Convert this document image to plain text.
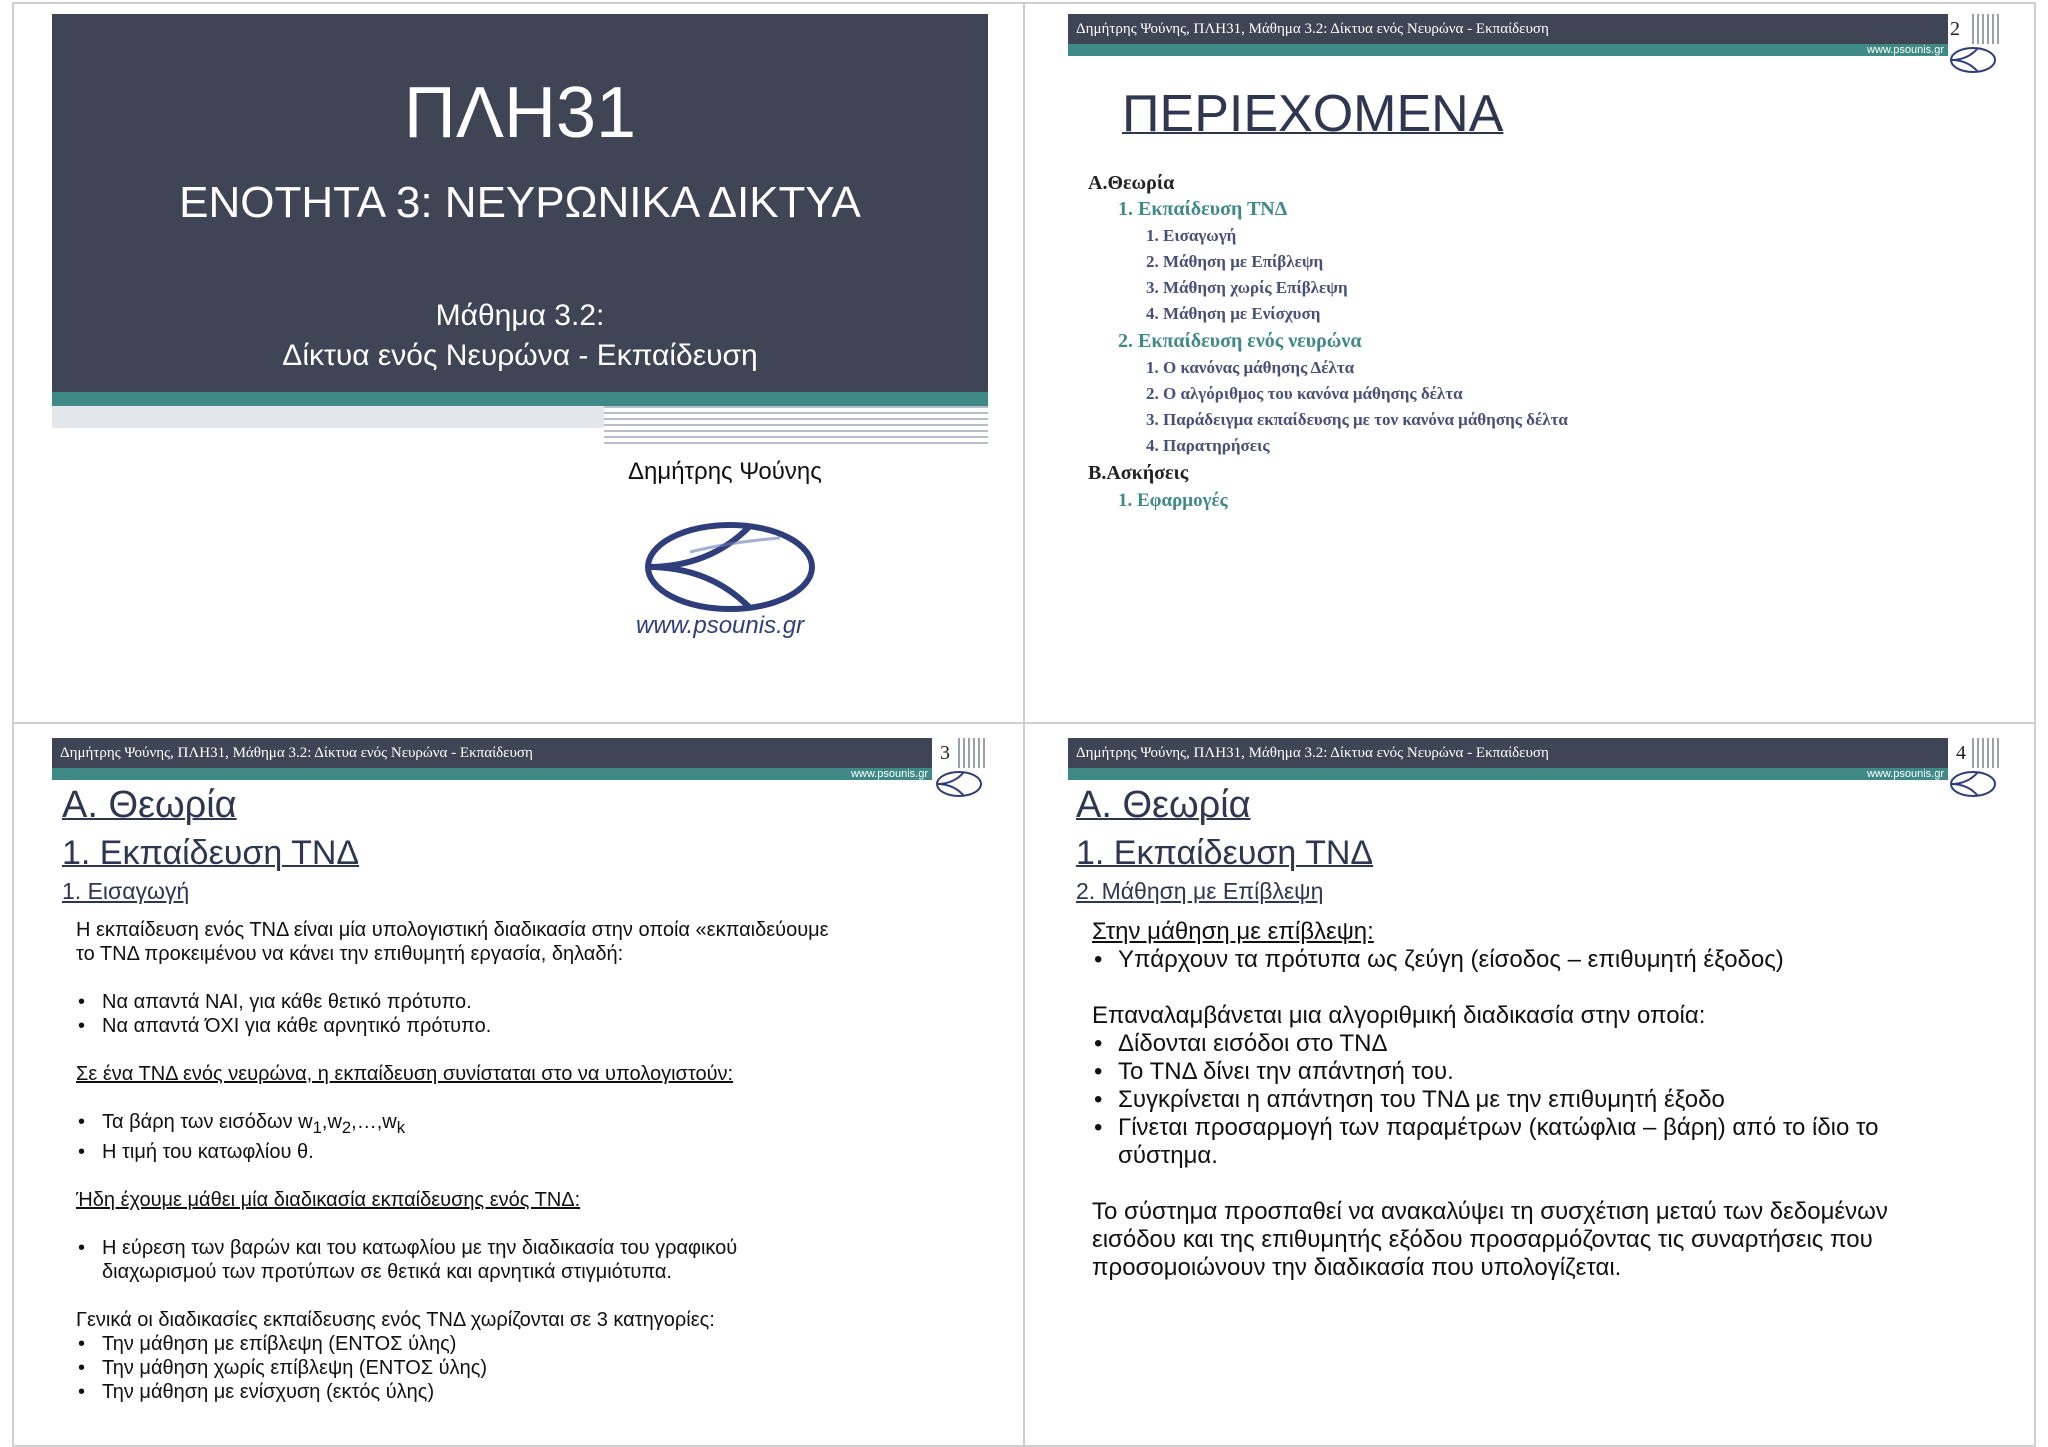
ΠΛΗ31
ΕΝΟΤΗΤΑ 3: ΝΕΥΡΩΝΙΚΑ ΔΙΚΤΥΑ
Μάθημα 3.2:
Δίκτυα ενός Νευρώνα - Εκπαίδευση
Δημήτρης Ψούνης
www.psounis.gr
Δημήτρης Ψούνης, ΠΛΗ31, Μάθημα 3.2: Δίκτυα ενός Νευρώνα - Εκπαίδευση	2
www.psounis.gr
ΠΕΡΙΕΧΟΜΕΝΑ
Α.Θεωρία
1. Εκπαίδευση ΤΝΔ
1. Εισαγωγή
2. Μάθηση με Επίβλεψη
3. Μάθηση χωρίς Επίβλεψη
4. Μάθηση με Ενίσχυση
2. Εκπαίδευση ενός νευρώνα
1. Ο κανόνας μάθησης Δέλτα
2. Ο αλγόριθμος του κανόνα μάθησης δέλτα
3. Παράδειγμα εκπαίδευσης με τον κανόνα μάθησης δέλτα
4. Παρατηρήσεις
Β.Ασκήσεις
1. Εφαρμογές
Δημήτρης Ψούνης, ΠΛΗ31, Μάθημα 3.2: Δίκτυα ενός Νευρώνα - Εκπαίδευση	3
www.psounis.gr
Α. Θεωρία
1. Εκπαίδευση ΤΝΔ
1. Εισαγωγή
Η εκπαίδευση ενός ΤΝΔ είναι μία υπολογιστική διαδικασία στην οποία «εκπαιδεύουμε
το ΤΝΔ προκειμένου να κάνει την επιθυμητή εργασία, δηλαδή:
• Να απαντά ΝΑΙ, για κάθε θετικό πρότυπο.
• Να απαντά ΌΧΙ για κάθε αρνητικό πρότυπο.
Σε ένα ΤΝΔ ενός νευρώνα, η εκπαίδευση συνίσταται στο να υπολογιστούν:
• Τα βάρη των εισόδων $w_1,w_2,\dots,w_k$
• Η τιμή του κατωφλίου θ.
Ήδη έχουμε μάθει μία διαδικασία εκπαίδευσης ενός ΤΝΔ:
• Η εύρεση των βαρών και του κατωφλίου με την διαδικασία του γραφικού
διαχωρισμού των προτύπων σε θετικά και αρνητικά στιγμιότυπα.
Γενικά οι διαδικασίες εκπαίδευσης ενός ΤΝΔ χωρίζονται σε 3 κατηγορίες:
• Την μάθηση με επίβλεψη (ΕΝΤΟΣ ύλης)
• Την μάθηση χωρίς επίβλεψη (ΕΝΤΟΣ ύλης)
• Την μάθηση με ενίσχυση (εκτός ύλης)
Δημήτρης Ψούνης, ΠΛΗ31, Μάθημα 3.2: Δίκτυα ενός Νευρώνα - Εκπαίδευση	4
www.psounis.gr
Α. Θεωρία
1. Εκπαίδευση ΤΝΔ
2. Μάθηση με Επίβλεψη
Στην μάθηση με επίβλεψη:
• Υπάρχουν τα πρότυπα ως ζεύγη (είσοδος – επιθυμητή έξοδος)
Επαναλαμβάνεται μια αλγοριθμική διαδικασία στην οποία:
• Δίδονται εισόδοι στο ΤΝΔ
• Το ΤΝΔ δίνει την απάντησή του.
• Συγκρίνεται η απάντηση του ΤΝΔ με την επιθυμητή έξοδο
• Γίνεται προσαρμογή των παραμέτρων (κατώφλια – βάρη) από το ίδιο το
σύστημα.
Το σύστημα προσπαθεί να ανακαλύψει τη συσχέτιση μεταύ των δεδομένων
εισόδου και της επιθυμητής εξόδου προσαρμόζοντας τις συναρτήσεις που
προσομοιώνουν την διαδικασία που υπολογίζεται.
